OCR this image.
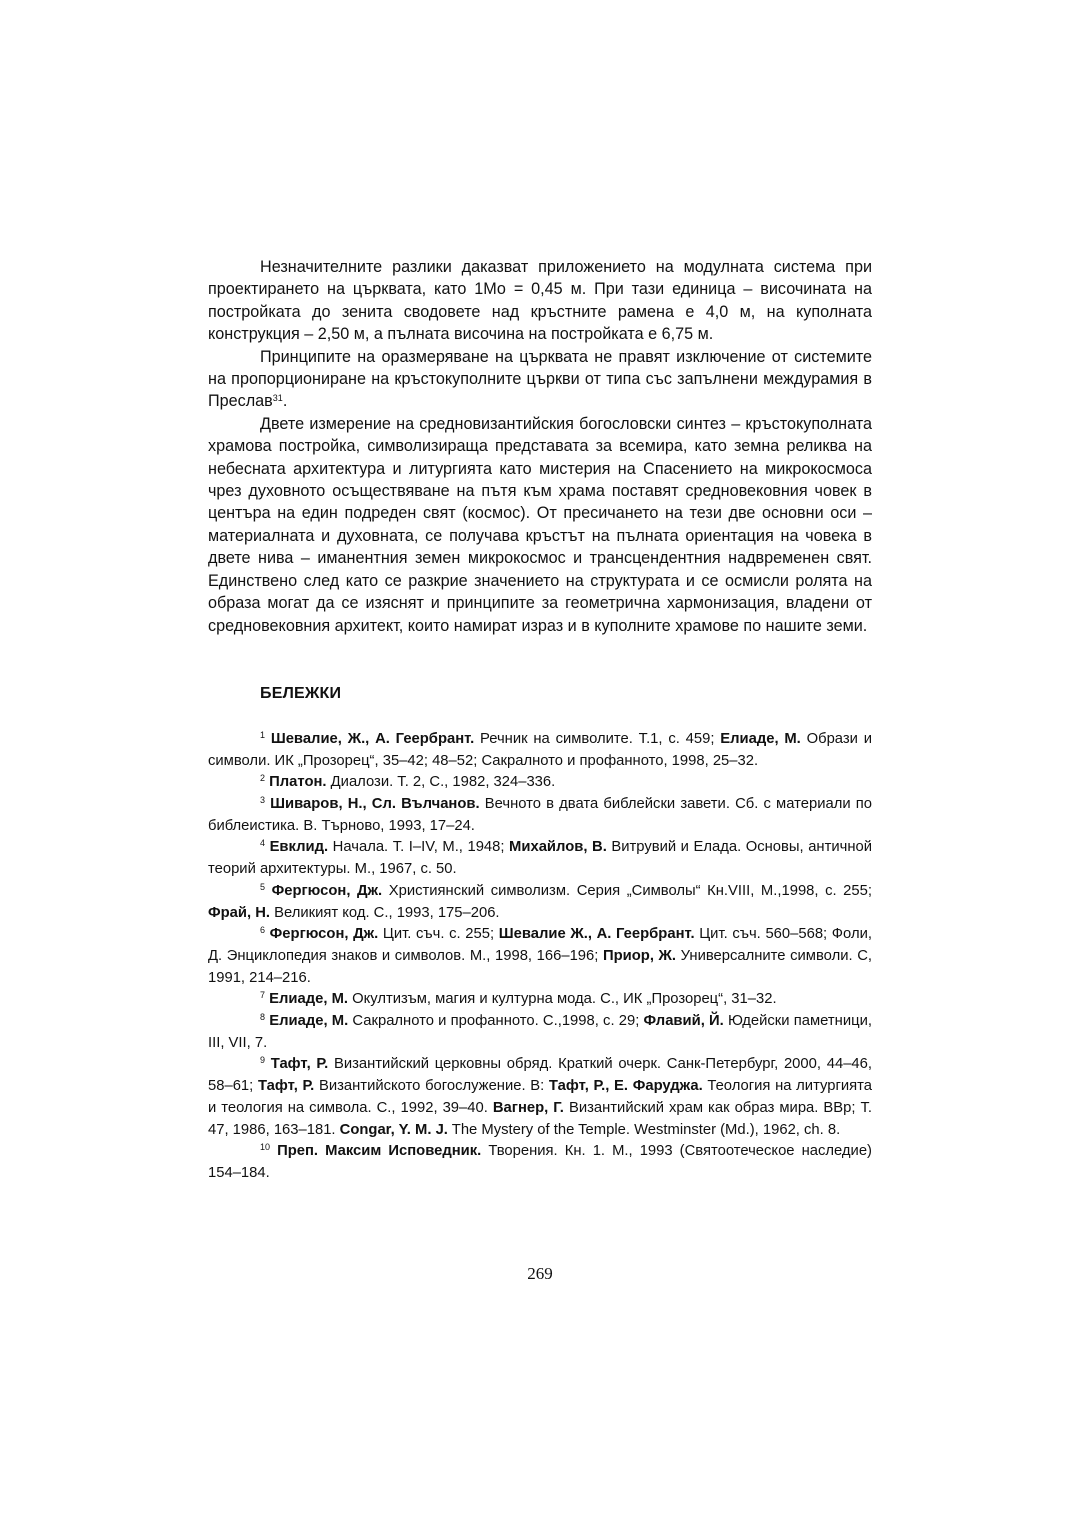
Незначителните разлики даказват приложението на модулната система при проектирането на църквата, като 1Мо = 0,45 м. При тази единица – височината на постройката до зенита сводовете над кръстните рамена е 4,0 м, на куполната конструкция – 2,50 м, а пълната височина на постройката е 6,75 м.

Принципите на оразмеряване на църквата не правят изключение от системите на пропорциониране на кръстокуполните църкви от типа със запълнени междурамия в Преслав$^{31}$.

Двете измерение на средновизантийския богословски синтез – кръстокуполната храмова постройка, символизираща представата за всемира, като земна реликва на небесната архитектура и литургията като мистерия на Спасението на микрокосмоса чрез духовното осъществяване на пътя към храма поставят средновековния човек в центъра на един подреден свят (космос). От пресичането на тези две основни оси – материалната и духовната, се получава кръстът на пълната ориентация на човека в двете нива – иманентния земен микрокосмос и трансцендентния надвременен свят. Единствено след като се разкрие значението на структурата и се осмисли ролята на образа могат да се изяснят и принципите за геометрична хармонизация, владени от средновековния архитект, които намират израз и в куполните храмове по нашите земи.

БЕЛЕЖКИ

$^1$ Шевалие, Ж., А. Геербрант. Речник на символите. Т.1, с. 459; Елиаде, М. Образи и символи. ИК „Прозорец“, 35–42; 48–52; Сакралното и профанното, 1998, 25–32.

$^2$ Платон. Диалози. Т. 2, С., 1982, 324–336.

$^3$ Шиваров, Н., Сл. Вълчанов. Вечното в двата библейски завети. Сб. с материали по библеистика. В. Търново, 1993, 17–24.

$^4$ Евклид. Начала. Т. I–IV, М., 1948; Михайлов, В. Витрувий и Елада. Основы, античной теорий архитектуры. М., 1967, с. 50.

$^5$ Фергюсон, Дж. Християнский символизм. Серия „Символы“ Кн.VIII, М.,1998, с. 255; Фрай, Н. Великият код. С., 1993, 175–206.

$^6$ Фергюсон, Дж. Цит. съч. с. 255; Шевалие Ж., А. Геербрант. Цит. съч. 560–568; Фоли, Д. Энциклопедия знаков и символов. М., 1998, 166–196; Приор, Ж. Универсалните символи. С, 1991, 214–216.

$^7$ Елиаде, М. Окултизъм, магия и културна мода. С., ИК „Прозорец“, 31–32.

$^8$ Елиаде, М. Сакралното и профанното. С.,1998, с. 29; Флавий, Й. Юдейски паметници, III, VII, 7.

$^9$ Тафт, Р. Византийский церковны обряд. Краткий очерк. Санк-Петербург, 2000, 44–46, 58–61; Тафт, Р. Византийското богослужение. В: Тафт, Р., Е. Фаруджа. Теология на литургията и теология на символа. С., 1992, 39–40. Вагнер, Г. Византийский храм как образ мира. ВВр; Т. 47, 1986, 163–181. Congar, Y. M. J. The Mystery of the Temple. Westminster (Md.), 1962, ch. 8.

$^{10}$ Преп. Максим Исповедник. Творения. Кн. 1. М., 1993 (Святоотеческое наследие) 154–184.

269
